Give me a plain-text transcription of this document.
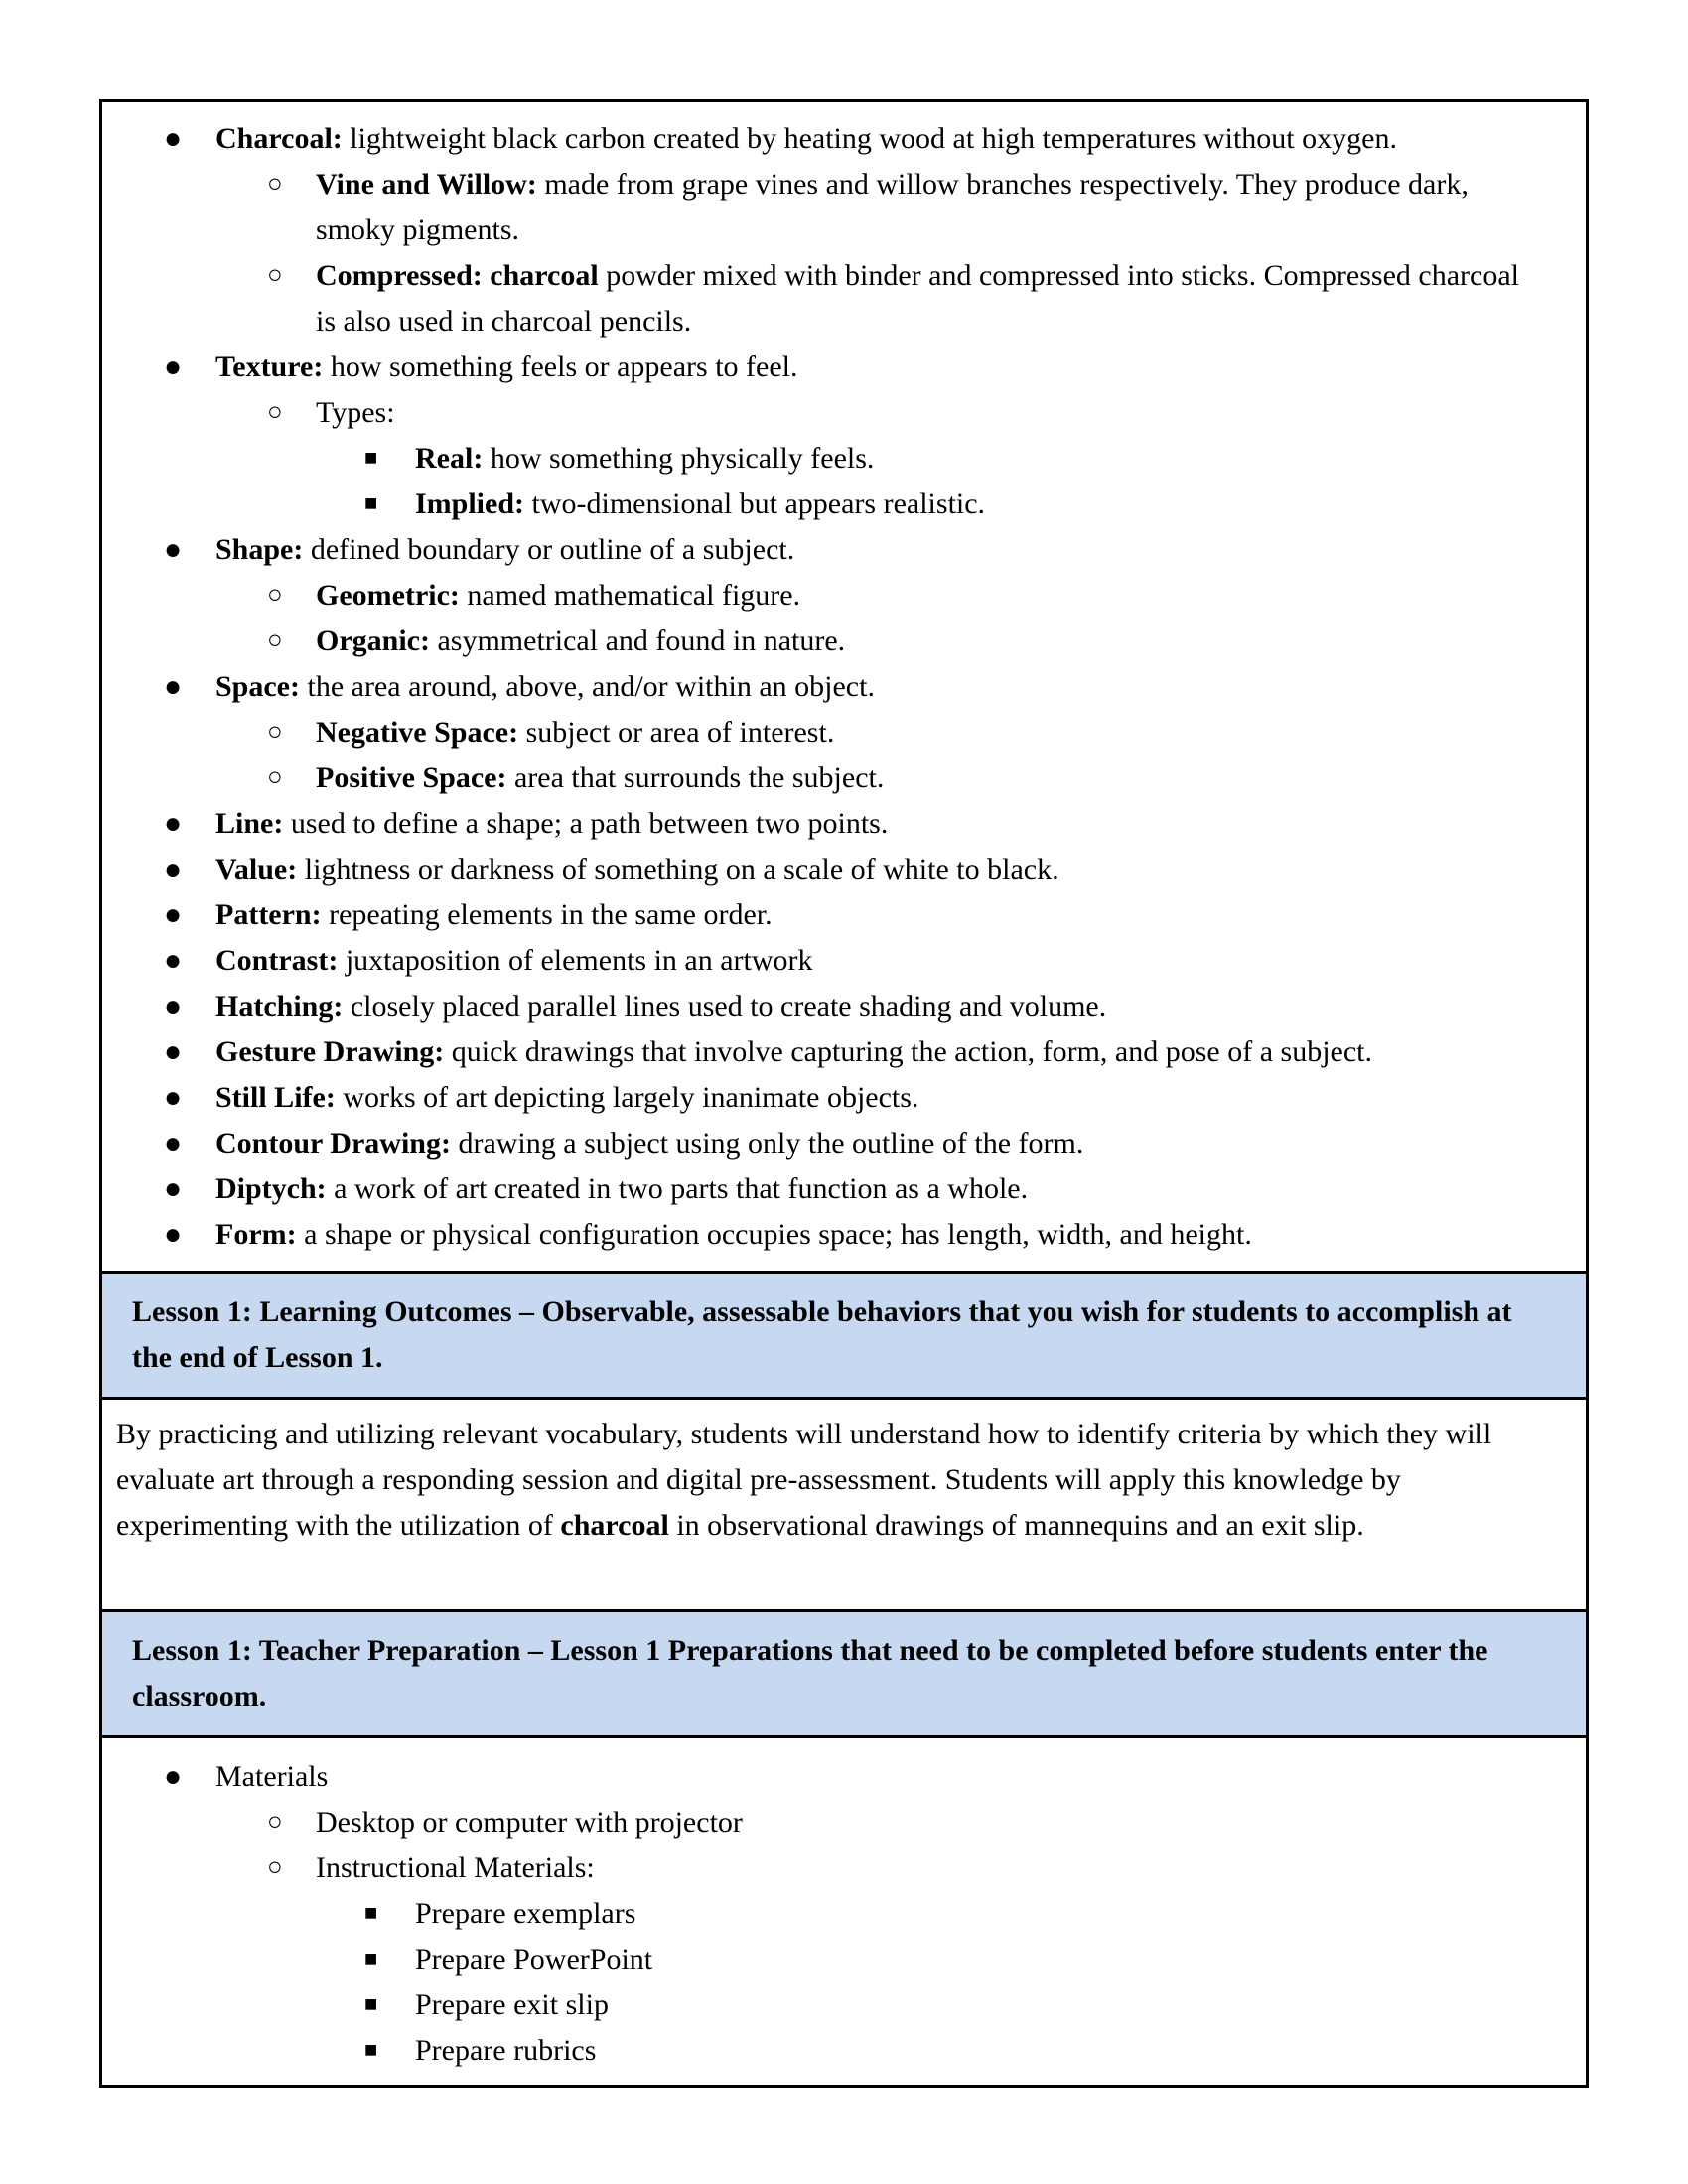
● Charcoal: lightweight black carbon created by heating wood at high temperatures without oxygen.
○ Vine and Willow: made from grape vines and willow branches respectively. They produce dark, smoky pigments.
○ Compressed: charcoal powder mixed with binder and compressed into sticks. Compressed charcoal is also used in charcoal pencils.
● Texture: how something feels or appears to feel.
○ Types:
■ Real: how something physically feels.
■ Implied: two-dimensional but appears realistic.
● Shape: defined boundary or outline of a subject.
○ Geometric: named mathematical figure.
○ Organic: asymmetrical and found in nature.
● Space: the area around, above, and/or within an object.
○ Negative Space: subject or area of interest.
○ Positive Space: area that surrounds the subject.
● Line: used to define a shape; a path between two points.
● Value: lightness or darkness of something on a scale of white to black.
● Pattern: repeating elements in the same order.
● Contrast: juxtaposition of elements in an artwork
● Hatching: closely placed parallel lines used to create shading and volume.
● Gesture Drawing: quick drawings that involve capturing the action, form, and pose of a subject.
● Still Life: works of art depicting largely inanimate objects.
● Contour Drawing: drawing a subject using only the outline of the form.
● Diptych: a work of art created in two parts that function as a whole.
● Form: a shape or physical configuration occupies space; has length, width, and height.
Lesson 1: Learning Outcomes – Observable, assessable behaviors that you wish for students to accomplish at the end of Lesson 1.
By practicing and utilizing relevant vocabulary, students will understand how to identify criteria by which they will evaluate art through a responding session and digital pre-assessment. Students will apply this knowledge by experimenting with the utilization of charcoal in observational drawings of mannequins and an exit slip.
Lesson 1: Teacher Preparation – Lesson 1 Preparations that need to be completed before students enter the classroom.
● Materials
○ Desktop or computer with projector
○ Instructional Materials:
■ Prepare exemplars
■ Prepare PowerPoint
■ Prepare exit slip
■ Prepare rubrics
